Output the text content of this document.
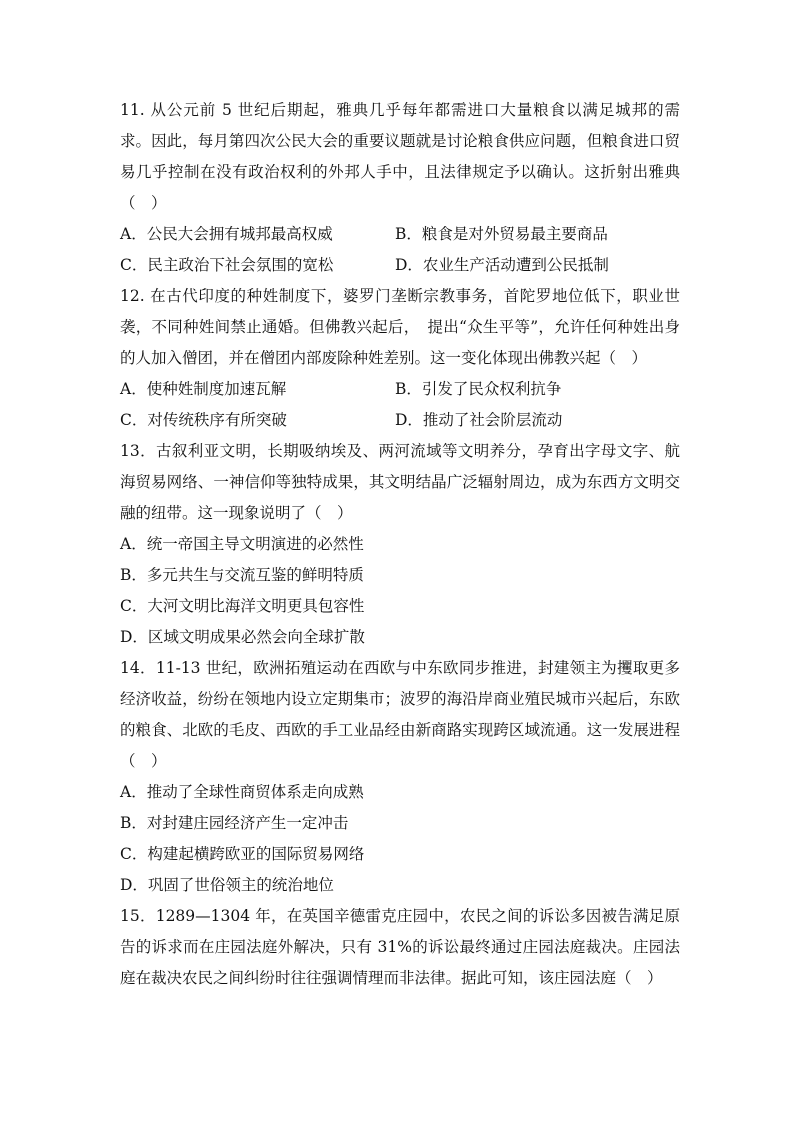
11. 从公元前 5 世纪后期起，雅典几乎每年都需进口大量粮食以满足城邦的需求。因此，每月第四次公民大会的重要议题就是讨论粮食供应问题，但粮食进口贸易几乎控制在没有政治权利的外邦人手中，且法律规定予以确认。这折射出雅典（　）
A．公民大会拥有城邦最高权威	B．粮食是对外贸易最主要商品
C．民主政治下社会氛围的宽松	D．农业生产活动遭到公民抵制
12. 在古代印度的种姓制度下，婆罗门垄断宗教事务，首陀罗地位低下，职业世袭，不同种姓间禁止通婚。但佛教兴起后，　提出“众生平等”，允许任何种姓出身的人加入僧团，并在僧团内部废除种姓差别。这一变化体现出佛教兴起（　）
A．使种姓制度加速瓦解	B．引发了民众权利抗争
C．对传统秩序有所突破	D．推动了社会阶层流动
13．古叙利亚文明，长期吸纳埃及、两河流域等文明养分，孕育出字母文字、航海贸易网络、一神信仰等独特成果，其文明结晶广泛辐射周边，成为东西方文明交融的纽带。这一现象说明了（　）
A．统一帝国主导文明演进的必然性
B．多元共生与交流互鉴的鲜明特质
C．大河文明比海洋文明更具包容性
D．区域文明成果必然会向全球扩散
14．11-13 世纪，欧洲拓殖运动在西欧与中东欧同步推进，封建领主为攫取更多经济收益，纷纷在领地内设立定期集市；波罗的海沿岸商业殖民城市兴起后，东欧的粮食、北欧的毛皮、西欧的手工业品经由新商路实现跨区域流通。这一发展进程（　）
A．推动了全球性商贸体系走向成熟
B．对封建庄园经济产生一定冲击
C．构建起横跨欧亚的国际贸易网络
D．巩固了世俗领主的统治地位
15．1289—1304 年，在英国辛德雷克庄园中，农民之间的诉讼多因被告满足原告的诉求而在庄园法庭外解决，只有 31%的诉讼最终通过庄园法庭裁决。庄园法庭在裁决农民之间纠纷时往往强调情理而非法律。据此可知，该庄园法庭（　）
